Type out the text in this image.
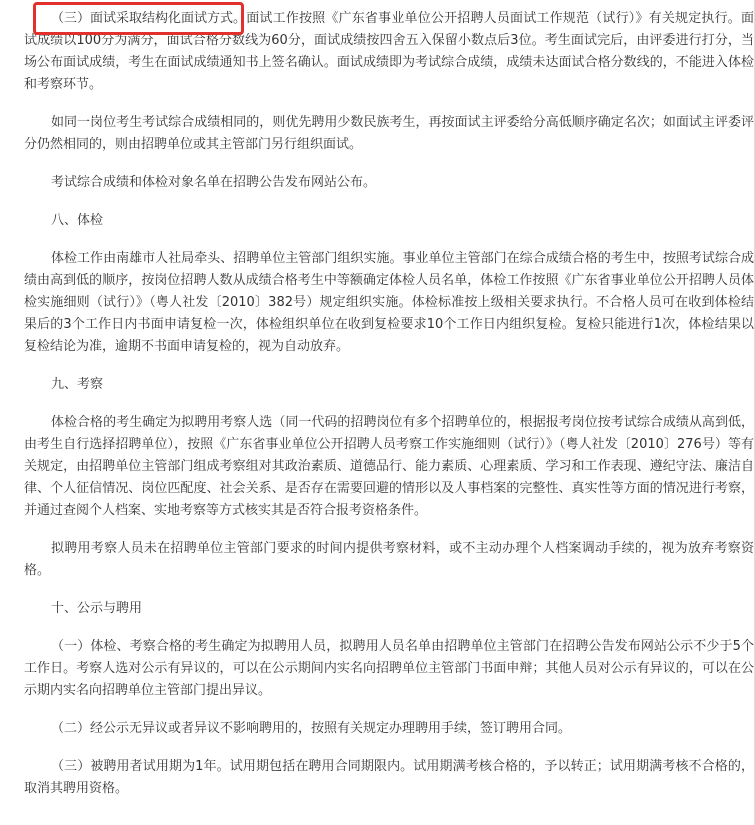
（三）面试采取结构化面试方式。面试工作按照《广东省事业单位公开招聘人员面试工作规范（试行）》有关规定执行。面试成绩以100分为满分，面试合格分数线为60分，面试成绩按四舍五入保留小数点后3位。考生面试完后，由评委进行打分，当场公布面试成绩，考生在面试成绩通知书上签名确认。面试成绩即为考试综合成绩，成绩未达面试合格分数线的，不能进入体检和考察环节。

如同一岗位考生考试综合成绩相同的，则优先聘用少数民族考生，再按面试主评委给分高低顺序确定名次；如面试主评委评分仍然相同的，则由招聘单位或其主管部门另行组织面试。

考试综合成绩和体检对象名单在招聘公告发布网站公布。

八、体检

体检工作由南雄市人社局牵头、招聘单位主管部门组织实施。事业单位主管部门在综合成绩合格的考生中，按照考试综合成绩由高到低的顺序，按岗位招聘人数从成绩合格考生中等额确定体检人员名单，体检工作按照《广东省事业单位公开招聘人员体检实施细则（试行）》（粤人社发〔2010〕382号）规定组织实施。体检标准按上级相关要求执行。不合格人员可在收到体检结果后的3个工作日内书面申请复检一次，体检组织单位在收到复检要求10个工作日内组织复检。复检只能进行1次，体检结果以复检结论为准，逾期不书面申请复检的，视为自动放弃。

九、考察

体检合格的考生确定为拟聘用考察人选（同一代码的招聘岗位有多个招聘单位的，根据报考岗位按考试综合成绩从高到低，由考生自行选择招聘单位），按照《广东省事业单位公开招聘人员考察工作实施细则（试行）》（粤人社发〔2010〕276号）等有关规定，由招聘单位主管部门组成考察组对其政治素质、道德品行、能力素质、心理素质、学习和工作表现、遵纪守法、廉洁自律、个人征信情况、岗位匹配度、社会关系、是否存在需要回避的情形以及人事档案的完整性、真实性等方面的情况进行考察，并通过查阅个人档案、实地考察等方式核实其是否符合报考资格条件。

拟聘用考察人员未在招聘单位主管部门要求的时间内提供考察材料，或不主动办理个人档案调动手续的，视为放弃考察资格。

十、公示与聘用

（一）体检、考察合格的考生确定为拟聘用人员，拟聘用人员名单由招聘单位主管部门在招聘公告发布网站公示不少于5个工作日。考察人选对公示有异议的，可以在公示期间内实名向招聘单位主管部门书面申辩；其他人员对公示有异议的，可以在公示期内实名向招聘单位主管部门提出异议。

（二）经公示无异议或者异议不影响聘用的，按照有关规定办理聘用手续，签订聘用合同。

（三）被聘用者试用期为1年。试用期包括在聘用合同期限内。试用期满考核合格的，予以转正；试用期满考核不合格的，取消其聘用资格。
